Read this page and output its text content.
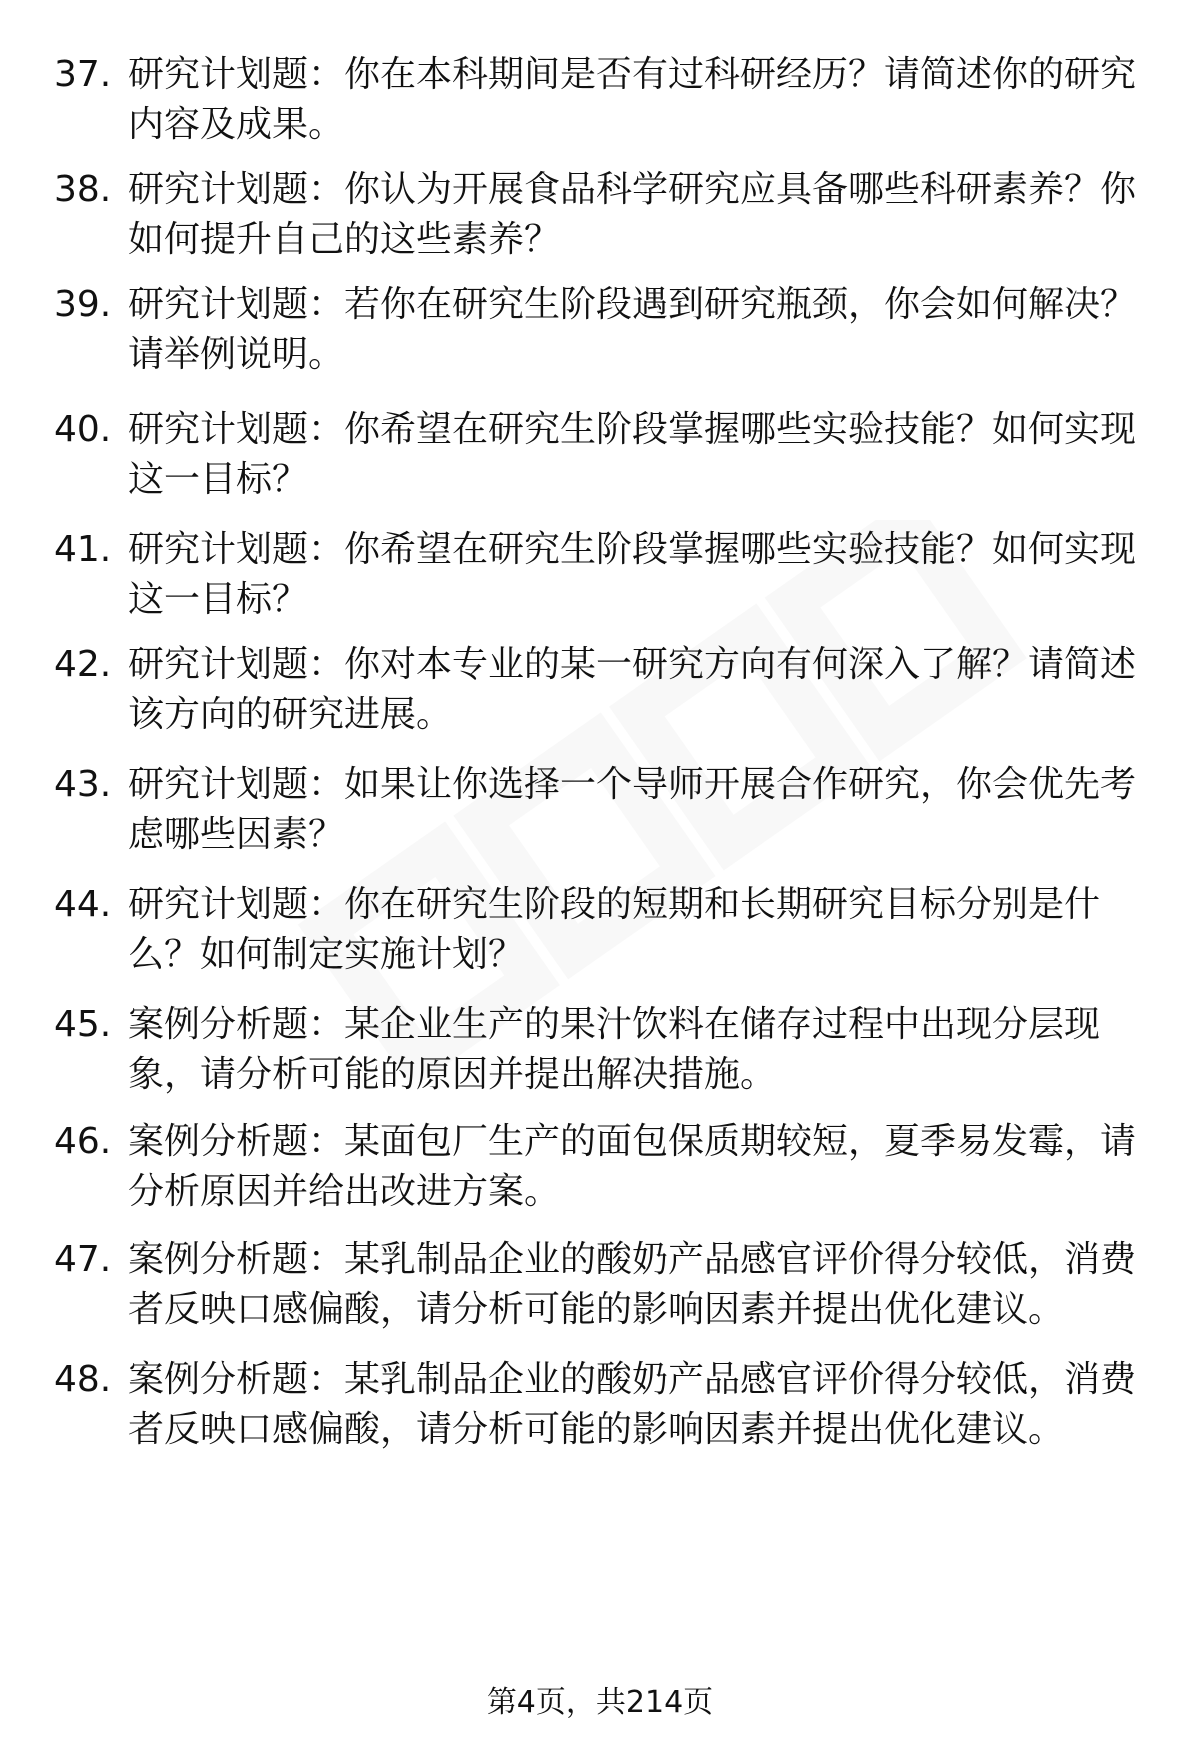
37. 研究计划题：你在本科期间是否有过科研经历？请简述你的研究
内容及成果。
38. 研究计划题：你认为开展食品科学研究应具备哪些科研素养？你
如何提升自己的这些素养？
39. 研究计划题：若你在研究生阶段遇到研究瓶颈，你会如何解决？
请举例说明。
40. 研究计划题：你希望在研究生阶段掌握哪些实验技能？如何实现
这一目标？
41. 研究计划题：你希望在研究生阶段掌握哪些实验技能？如何实现
这一目标？
42. 研究计划题：你对本专业的某一研究方向有何深入了解？请简述
该方向的研究进展。
43. 研究计划题：如果让你选择一个导师开展合作研究，你会优先考
虑哪些因素？
44. 研究计划题：你在研究生阶段的短期和长期研究目标分别是什
么？如何制定实施计划？
45. 案例分析题：某企业生产的果汁饮料在储存过程中出现分层现
象，请分析可能的原因并提出解决措施。
46. 案例分析题：某面包厂生产的面包保质期较短，夏季易发霉，请
分析原因并给出改进方案。
47. 案例分析题：某乳制品企业的酸奶产品感官评价得分较低，消费
者反映口感偏酸，请分析可能的影响因素并提出优化建议。
48. 案例分析题：某乳制品企业的酸奶产品感官评价得分较低，消费
者反映口感偏酸，请分析可能的影响因素并提出优化建议。
第4页，共214页
